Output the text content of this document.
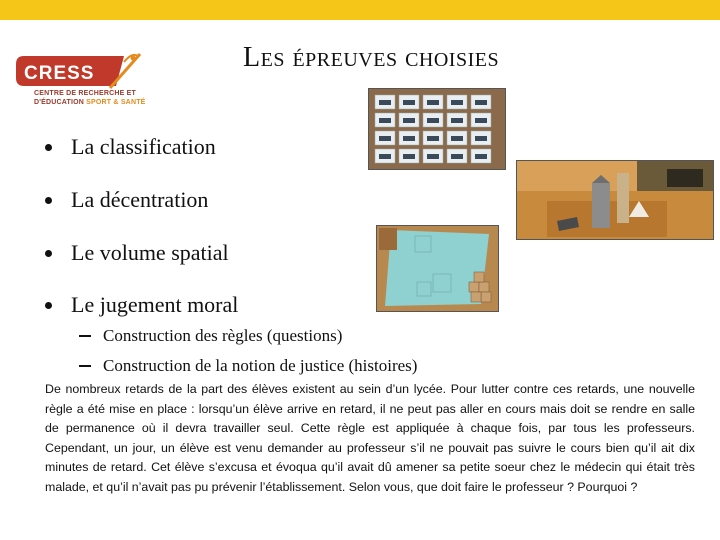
CRESS
CENTRE DE RECHERCHE ET
D'ÉDUCATION SPORT & SANTÉ
Les épreuves choisies
La classification
La décentration
Le volume spatial
Le jugement moral
Construction des règles (questions)
Construction de la notion de justice (histoires)
De nombreux retards de la part des élèves existent au sein d’un lycée. Pour lutter contre ces retards, une nouvelle règle a été mise en place : lorsqu’un élève arrive en retard, il ne peut pas aller en cours mais doit se rendre en salle de permanence où il devra travailler seul. Cette règle est appliquée à chaque fois, par tous les professeurs. Cependant, un jour, un élève est venu demander au professeur s’il ne pouvait pas suivre le cours bien qu’il ait dix minutes de retard. Cet élève s’excusa et évoqua qu’il avait dû amener sa petite soeur chez le médecin qui était très malade, et qu’il n’avait pas pu prévenir l’établissement. Selon vous, que doit faire le professeur ? Pourquoi ?
